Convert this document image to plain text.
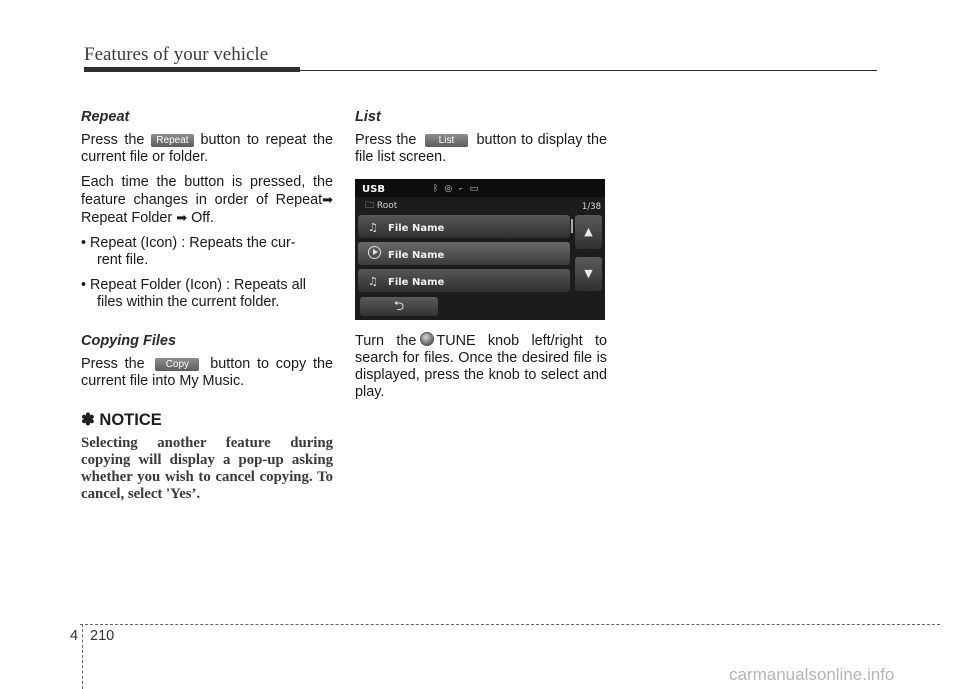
Features of your vehicle
Repeat

Press the Repeat button to repeat the current file or folder.

Each time the button is pressed, the feature changes in order of Repeat➡ Repeat Folder ➡ Off.

• Repeat (Icon) : Repeats the cur-
rent file.
• Repeat Folder (Icon) : Repeats all
files within the current folder.
Copying Files

Press the Copy button to copy the current file into My Music.

✽ NOTICE
Selecting another feature during copying will display a pop-up asking whether you wish to cancel copying. To cancel, select 'Yes’.
List

Press the List button to display the file list screen.

USB	ᛒ◎⟜▭
🗀 Root	1/38
♫ File Name
File Name
♫ File Name
▲
▼
⮌

Turn the TUNE knob left/right to search for files. Once the desired file is displayed, press the knob to select and play.

4 210
carmanualsonline.info
